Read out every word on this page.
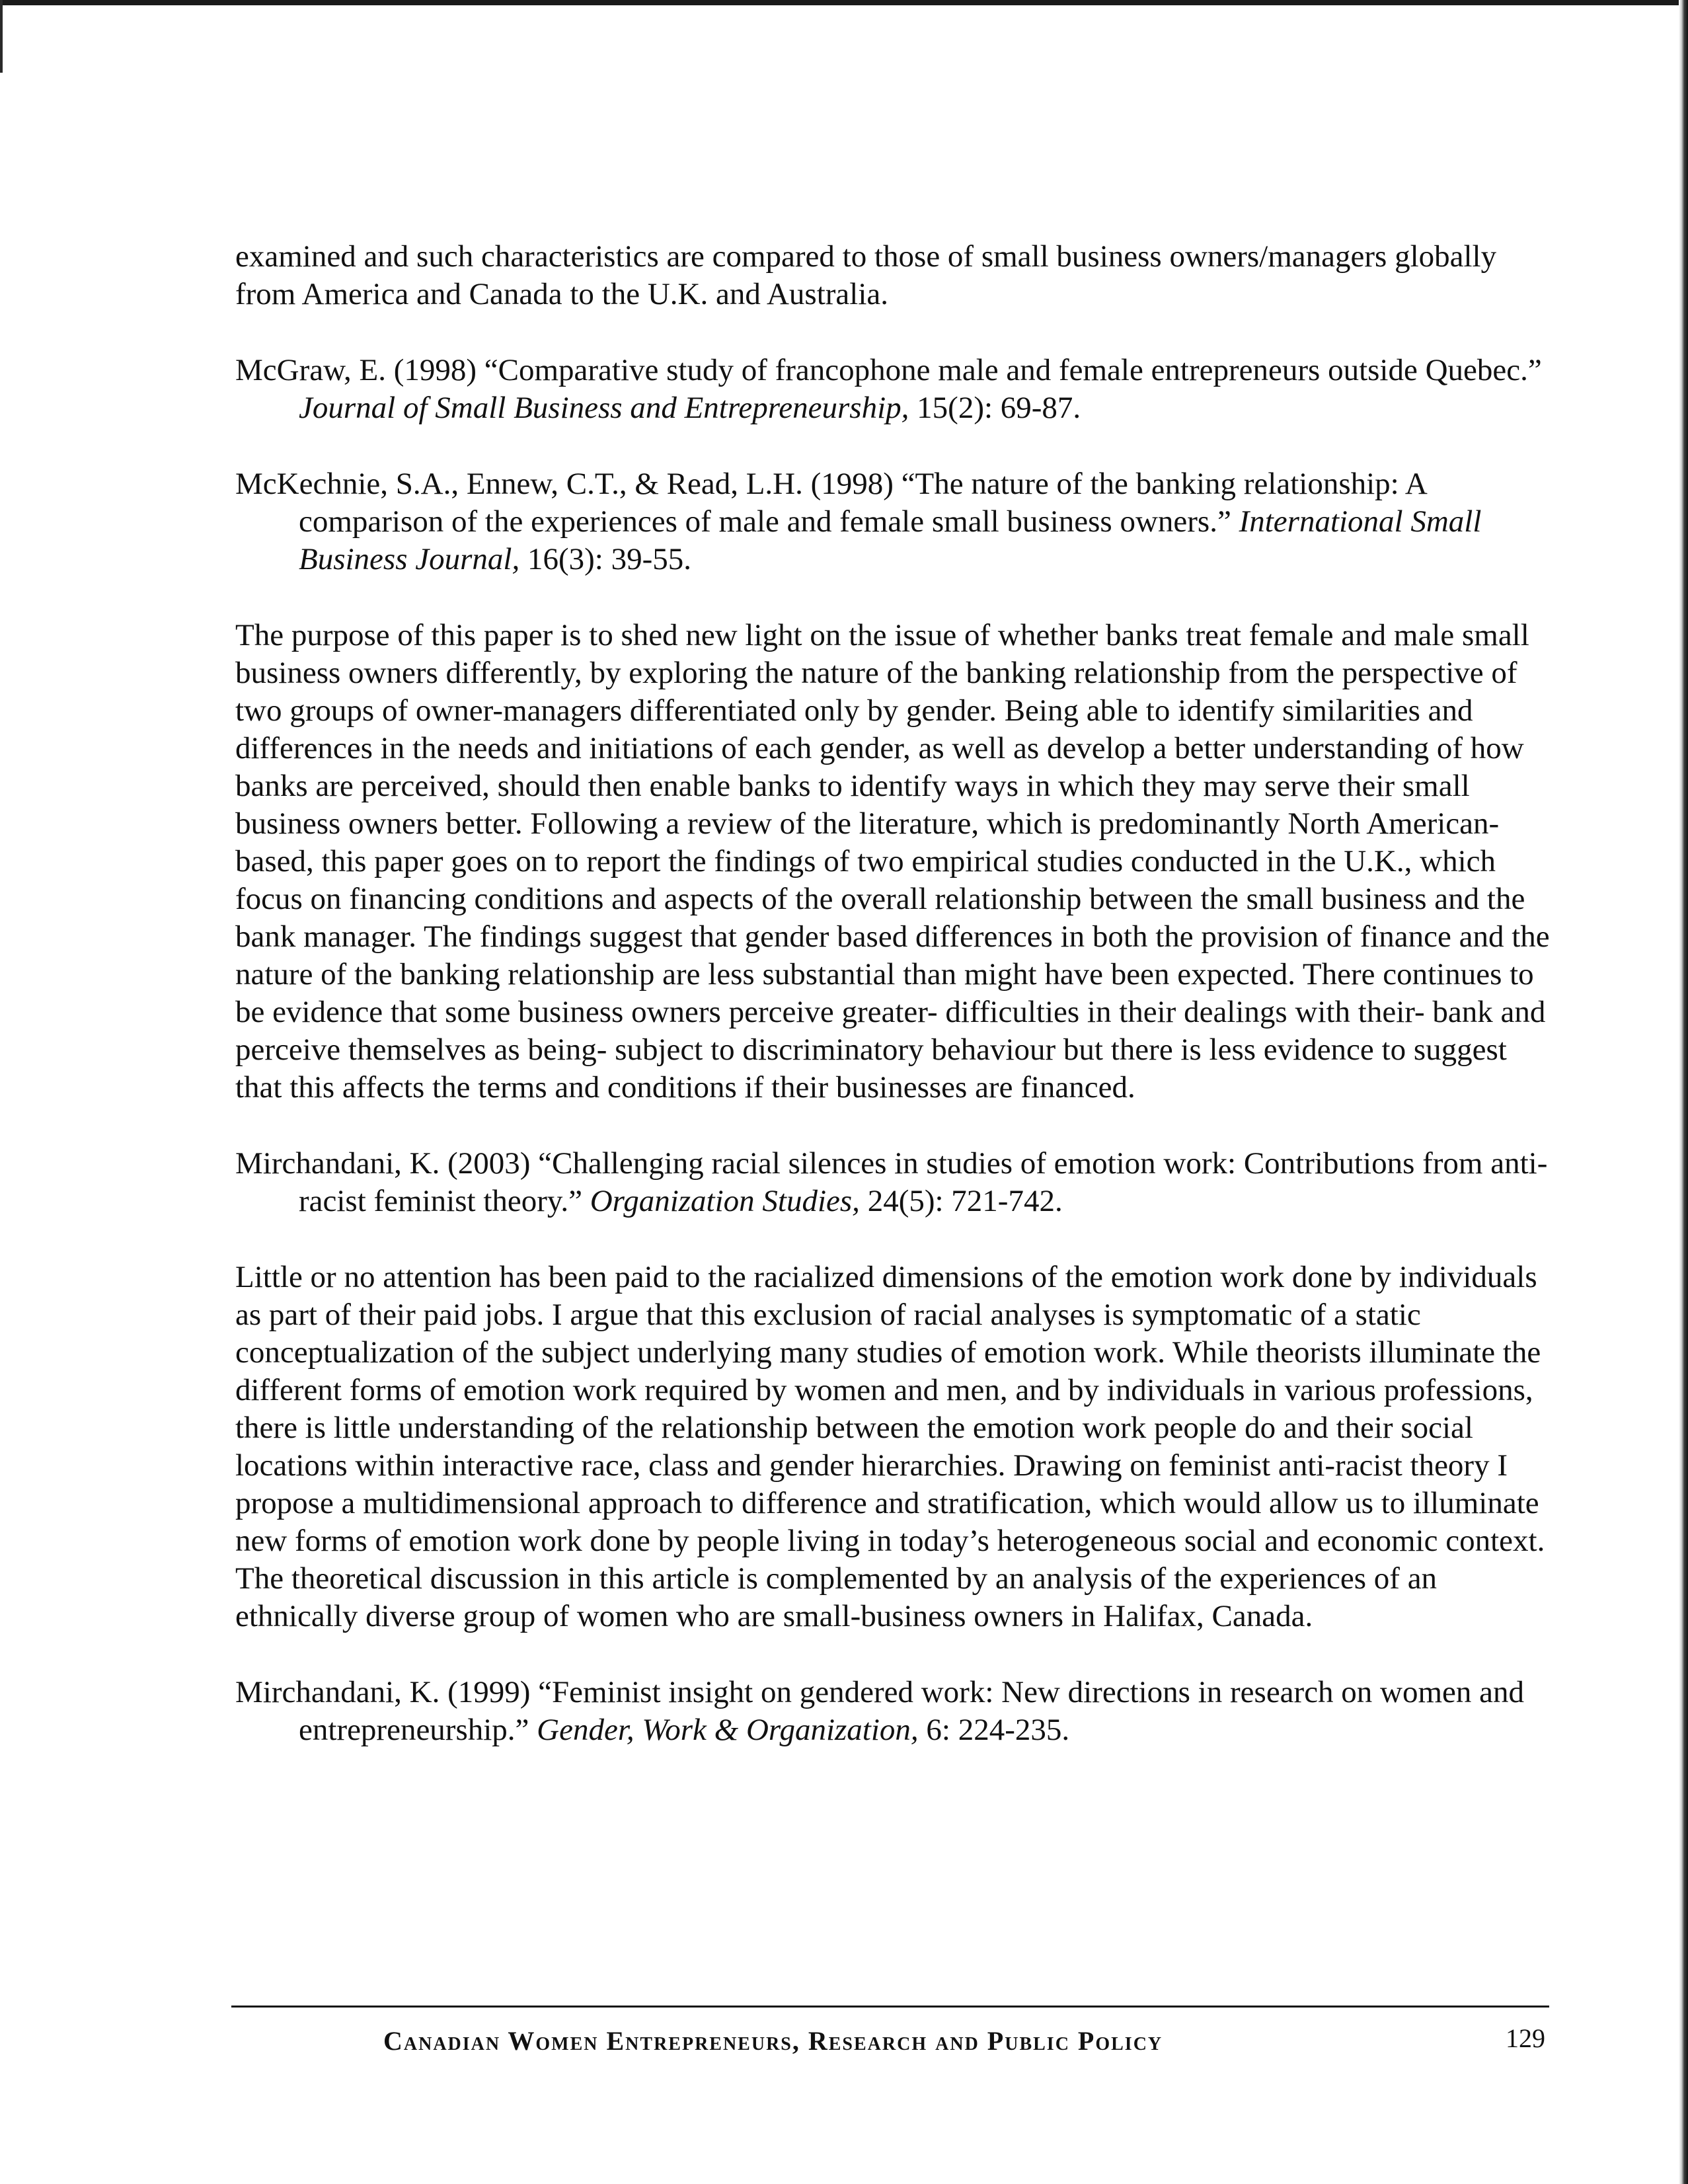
examined and such characteristics are compared to those of small business owners/managers globally from America and Canada to the U.K. and Australia.

McGraw, E. (1998) “Comparative study of francophone male and female entrepreneurs outside Quebec.” Journal of Small Business and Entrepreneurship, 15(2): 69-87.

McKechnie, S.A., Ennew, C.T., & Read, L.H. (1998) “The nature of the banking relationship: A comparison of the experiences of male and female small business owners.” International Small Business Journal, 16(3): 39-55.

The purpose of this paper is to shed new light on the issue of whether banks treat female and male small business owners differently, by exploring the nature of the banking relationship from the perspective of two groups of owner-managers differentiated only by gender. Being able to identify similarities and differences in the needs and initiations of each gender, as well as develop a better understanding of how banks are perceived, should then enable banks to identify ways in which they may serve their small business owners better. Following a review of the literature, which is predominantly North American- based, this paper goes on to report the findings of two empirical studies conducted in the U.K., which focus on financing conditions and aspects of the overall relationship between the small business and the bank manager. The findings suggest that gender based differences in both the provision of finance and the nature of the banking relationship are less substantial than might have been expected. There continues to be evidence that some business owners perceive greater- difficulties in their dealings with their- bank and perceive themselves as being- subject to discriminatory behaviour but there is less evidence to suggest that this affects the terms and conditions if their businesses are financed.

Mirchandani, K. (2003) “Challenging racial silences in studies of emotion work: Contributions from anti-racist feminist theory.” Organization Studies, 24(5): 721-742.

Little or no attention has been paid to the racialized dimensions of the emotion work done by individuals as part of their paid jobs. I argue that this exclusion of racial analyses is symptomatic of a static conceptualization of the subject underlying many studies of emotion work. While theorists illuminate the different forms of emotion work required by women and men, and by individuals in various professions, there is little understanding of the relationship between the emotion work people do and their social locations within interactive race, class and gender hierarchies. Drawing on feminist anti-racist theory I propose a multidimensional approach to difference and stratification, which would allow us to illuminate new forms of emotion work done by people living in today’s heterogeneous social and economic context. The theoretical discussion in this article is complemented by an analysis of the experiences of an ethnically diverse group of women who are small-business owners in Halifax, Canada.

Mirchandani, K. (1999) “Feminist insight on gendered work: New directions in research on women and entrepreneurship.” Gender, Work & Organization, 6: 224-235.

Canadian Women Entrepreneurs, Research and Public Policy	129
